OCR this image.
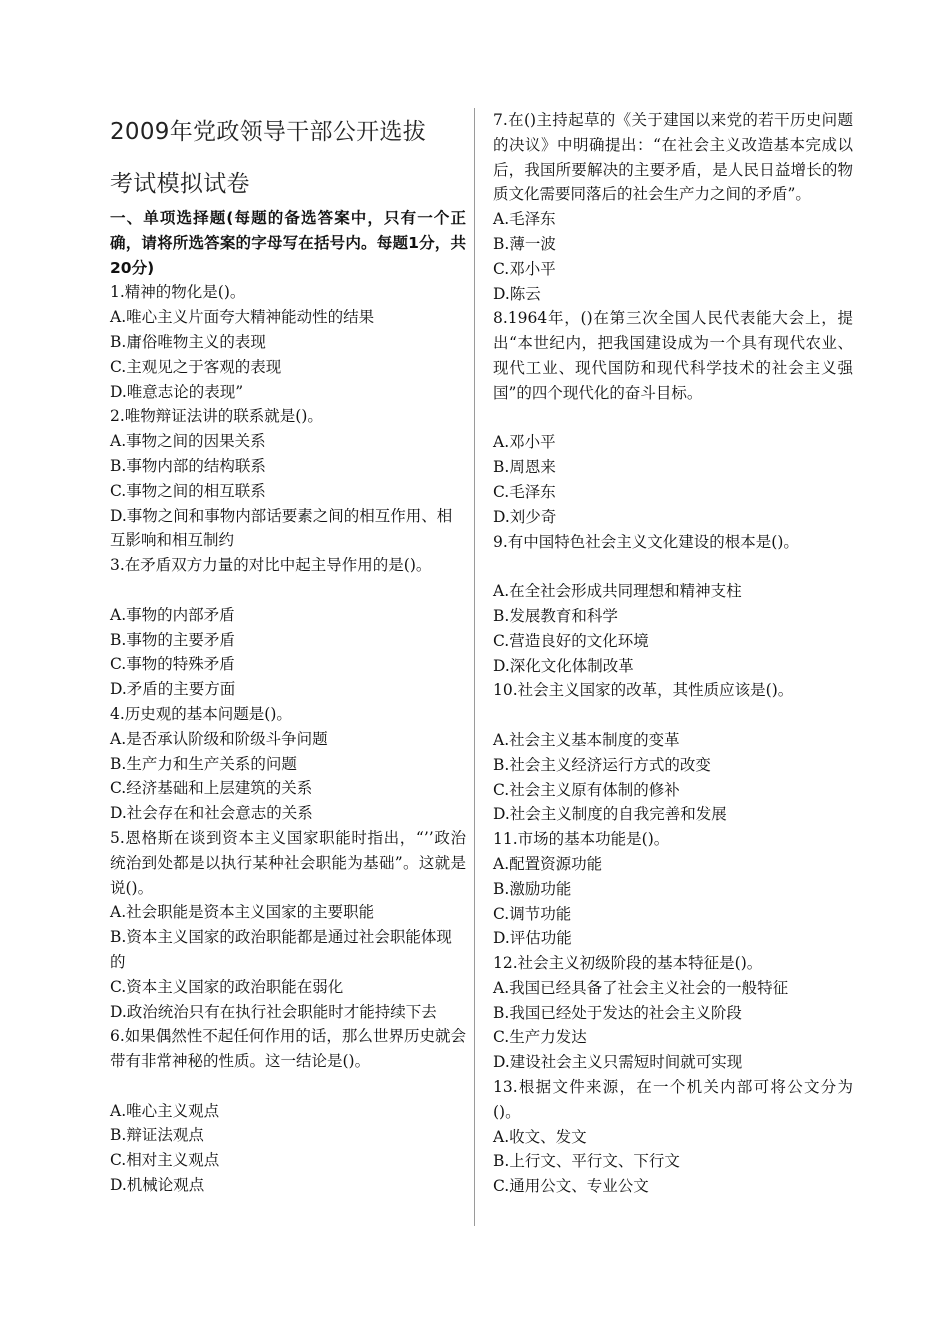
2009年党政领导干部公开选拔
考试模拟试卷
一、单项选择题(每题的备选答案中，只有一个正确，请将所选答案的字母写在括号内。每题1分，共20分)

1.精神的物化是()。

A.唯心主义片面夸大精神能动性的结果

B.庸俗唯物主义的表现

C.主观见之于客观的表现

D.唯意志论的表现”

2.唯物辩证法讲的联系就是()。

A.事物之间的因果关系

B.事物内部的结构联系

C.事物之间的相互联系

D.事物之间和事物内部话要素之间的相互作用、相互影响和相互制约

3.在矛盾双方力量的对比中起主导作用的是()。

A.事物的内部矛盾

B.事物的主要矛盾

C.事物的特殊矛盾

D.矛盾的主要方面

4.历史观的基本问题是()。

A.是否承认阶级和阶级斗争问题

B.生产力和生产关系的问题

C.经济基础和上层建筑的关系

D.社会存在和社会意志的关系

5.恩格斯在谈到资本主义国家职能时指出，“’’政治统治到处都是以执行某种社会职能为基础”。这就是说()。

A.社会职能是资本主义国家的主要职能

B.资本主义国家的政治职能都是通过社会职能体现的

C.资本主义国家的政治职能在弱化

D.政治统治只有在执行社会职能时才能持续下去

6.如果偶然性不起任何作用的话，那么世界历史就会带有非常神秘的性质。这一结论是()。

A.唯心主义观点

B.辩证法观点

C.相对主义观点

D.机械论观点

7.在()主持起草的《关于建国以来党的若干历史问题的决议》中明确提出：“在社会主义改造基本完成以后，我国所要解决的主要矛盾，是人民日益增长的物质文化需要同落后的社会生产力之间的矛盾”。

A.毛泽东

B.薄一波

C.邓小平

D.陈云

8.1964年，()在第三次全国人民代表能大会上，提出“本世纪内，把我国建设成为一个具有现代农业、现代工业、现代国防和现代科学技术的社会主义强国”的四个现代化的奋斗目标。

A.邓小平

B.周恩来

C.毛泽东

D.刘少奇

9.有中国特色社会主义文化建设的根本是()。

A.在全社会形成共同理想和精神支柱

B.发展教育和科学

C.营造良好的文化环境

D.深化文化体制改革

10.社会主义国家的改革，其性质应该是()。

A.社会主义基本制度的变革

B.社会主义经济运行方式的改变

C.社会主义原有体制的修补

D.社会主义制度的自我完善和发展

11.市场的基本功能是()。

A.配置资源功能

B.激励功能

C.调节功能

D.评估功能

12.社会主义初级阶段的基本特征是()。

A.我国已经具备了社会主义社会的一般特征

B.我国已经处于发达的社会主义阶段

C.生产力发达

D.建设社会主义只需短时间就可实现

13.根据文件来源，在一个机关内部可将公文分为()。

A.收文、发文

B.上行文、平行文、下行文

C.通用公文、专业公文
